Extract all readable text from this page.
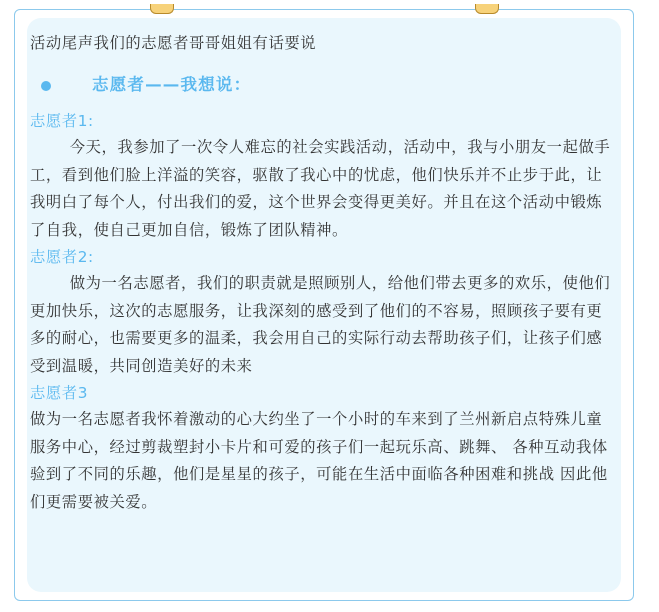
活动尾声我们的志愿者哥哥姐姐有话要说

志愿者——我想说：

志愿者1:

今天，我参加了一次令人难忘的社会实践活动，活动中，我与小朋友一起做手工，看到他们脸上洋溢的笑容，驱散了我心中的忧虑，他们快乐并不止步于此，让我明白了每个人，付出我们的爱，这个世界会变得更美好。并且在这个活动中锻炼了自我，使自己更加自信，锻炼了团队精神。

志愿者2:

做为一名志愿者，我们的职责就是照顾别人，给他们带去更多的欢乐，使他们更加快乐，这次的志愿服务，让我深刻的感受到了他们的不容易，照顾孩子要有更多的耐心，也需要更多的温柔，我会用自己的实际行动去帮助孩子们，让孩子们感受到温暖，共同创造美好的未来

志愿者3

做为一名志愿者我怀着激动的心大约坐了一个小时的车来到了兰州新启点特殊儿童服务中心，经过剪裁塑封小卡片和可爱的孩子们一起玩乐高、跳舞、 各种互动我体验到了不同的乐趣，他们是星星的孩子，可能在生活中面临各种困难和挑战 因此他们更需要被关爱。
